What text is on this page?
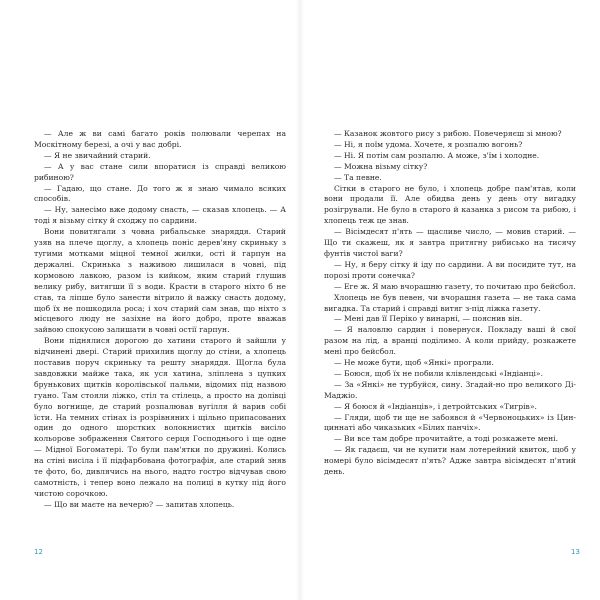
— Але ж ви самі багато років полювали черепах на Москітному березі, а очі у вас добрі.

— Я не звичайний старий.

— А у вас стане сили впоратися із справді великою рибиною?

— Гадаю, що стане. До того ж я знаю чимало всяких способів.

— Ну, занесімо вже додому снасть, — сказав хлопець. — А тоді я візьму сітку й сходжу по сардини.

Вони повитягали з човна рибальське знаряддя. Старий узяв на плече щоглу, а хлопець поніс дерев'яну скриньку з тугими мотками міцної темної жилки, ості й гарпун на держалні. Скринька з наживою лишилася в човні, під кормовою лавкою, разом із кийком, яким старий глушив велику рибу, витягши її з води. Красти в старого ніхто б не став, та ліпше було занести вітрило й важку снасть додому, щоб їх не пошкодила роса; і хоч старий сам знав, що ніхто з місцевого люду не зазіхне на його добро, проте вважав зайвою спокусою залишати в човні остії гарпун.

Вони піднялися дорогою до хатини старого й зайшли у відчинені двері. Старий прихилив щоглу до стіни, а хлопець поставив поруч скриньку та решту знаряддя. Щогла була завдовжки майже така, як уся хатина, зліплена з цупких брунькових щитків королівської пальми, відомих під назвою гуано. Там стояли ліжко, стіл та стілець, а просто на долівці було вогнище, де старий розпалював вугілля й варив собі їсти. На темних стінах із розрівняних і щільно припасованих один до одного шорстких волокнистих щитків висіло кольорове зображення Святого серця Господнього і ще одне — Мідної Богоматері. То були пам'ятки по дружині. Колись на стіні висіла і її підфарбована фотографія, але старий зняв те фото, бо, дивлячись на нього, надто гостро відчував свою самотність, і тепер воно лежало на полиці в кутку під його чистою сорочкою.

— Що ви маєте на вечерю? — запитав хлопець.

12

— Казанок жовтого рису з рибою. Повечеряєш зі мною?

— Ні, я поїм удома. Хочете, я розпалю вогонь?

— Ні. Я потім сам розпалю. А може, з'їм і холодне.

— Можна візьму сітку?

— Та певне.

Сітки в старого не було, і хлопець добре пам'ятав, коли вони продали її. Але обидва день у день оту вигадку розігрували. Не було в старого й казанка з рисом та рибою, і хлопець теж це знав.

— Вісімдесят п'ять — щасливе число, — мовив старий. — Що ти скажеш, як я завтра притягну рибисько на тисячу фунтів чистої ваги?

— Ну, я беру сітку й іду по сардини. А ви посидите тут, на порозі проти сонечка?

— Еге ж. Я маю вчорашню газету, то почитаю про бейсбол.

Хлопець не був певен, чи вчорашня газета — не така сама вигадка. Та старий і справді витяг з-під ліжка газету.

— Мені дав її Періко у винарні, — пояснив він.

— Я наловлю сардин і повернуся. Покладу ваші й свої разом на лід, а вранці поділимо. А коли прийду, розкажете мені про бейсбол.

— Не може бути, щоб «Янкі» програли.

— Боюся, щоб їх не побили клівлендські «Індіанці».

— За «Янкі» не турбуйся, сину. Згадай-но про великого ДіМаджіо.

— Я боюся й «Індіанців», і детройтських «Тигрів».

— Гляди, щоб ти ще не забоявся й «Червоноцьких» із Цинциннаті або чиказьких «Білих панчіх».

— Ви все там добре прочитайте, а тоді розкажете мені.

— Як гадаєш, чи не купити нам лотерейний квиток, щоб у номері було вісімдесят п'ять? Адже завтра вісімдесят п'ятий день.

13
